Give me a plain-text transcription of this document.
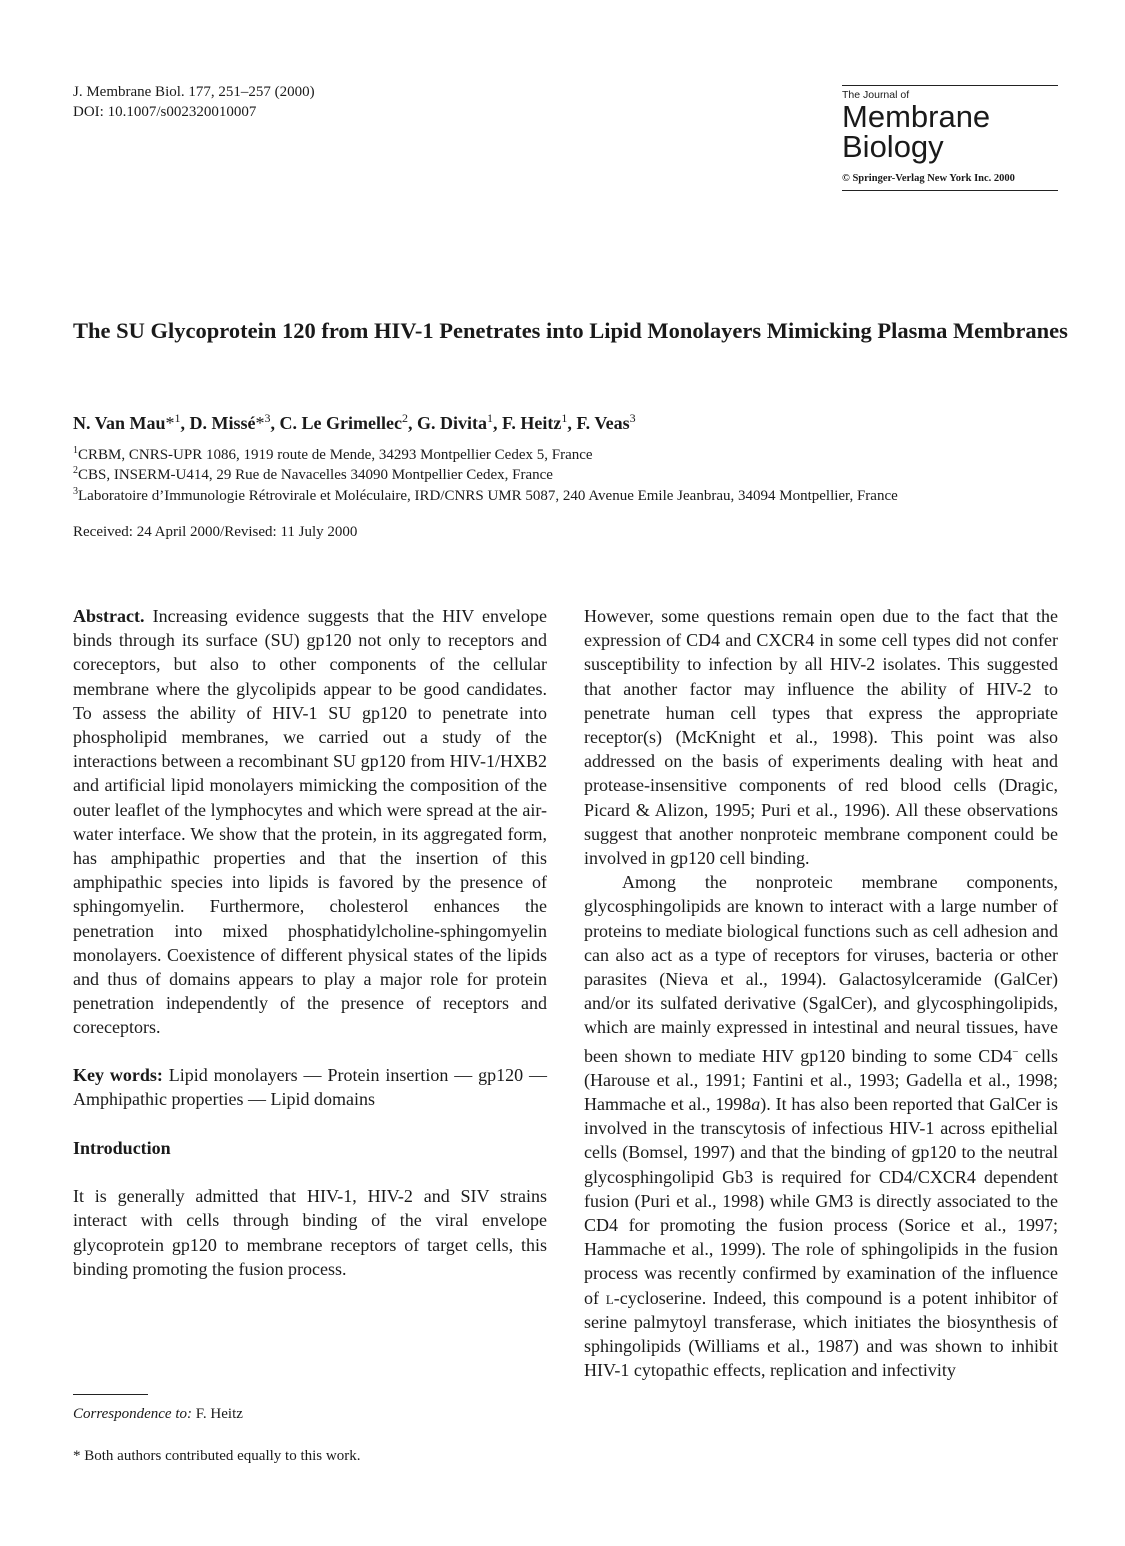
J. Membrane Biol. 177, 251–257 (2000)
DOI: 10.1007/s002320010007
The Journal of
Membrane
Biology
© Springer-Verlag New York Inc. 2000
The SU Glycoprotein 120 from HIV-1 Penetrates into Lipid Monolayers Mimicking Plasma Membranes
N. Van Mau*$^1$, D. Missé*$^3$, C. Le Grimellec$^2$, G. Divita$^1$, F. Heitz$^1$, F. Veas$^3$
$^1$CRBM, CNRS-UPR 1086, 1919 route de Mende, 34293 Montpellier Cedex 5, France
$^2$CBS, INSERM-U414, 29 Rue de Navacelles 34090 Montpellier Cedex, France
$^3$Laboratoire d’Immunologie Rétrovirale et Moléculaire, IRD/CNRS UMR 5087, 240 Avenue Emile Jeanbrau, 34094 Montpellier, France
Received: 24 April 2000/Revised: 11 July 2000

Abstract. Increasing evidence suggests that the HIV envelope binds through its surface (SU) gp120 not only to receptors and coreceptors, but also to other components of the cellular membrane where the glycolipids appear to be good candidates. To assess the ability of HIV-1 SU gp120 to penetrate into phospholipid membranes, we carried out a study of the interactions between a recombinant SU gp120 from HIV-1/HXB2 and artificial lipid monolayers mimicking the composition of the outer leaflet of the lymphocytes and which were spread at the air-water interface. We show that the protein, in its aggregated form, has amphipathic properties and that the insertion of this amphipathic species into lipids is favored by the presence of sphingomyelin. Furthermore, cholesterol enhances the penetration into mixed phosphatidylcholine-sphingomyelin monolayers. Coexistence of different physical states of the lipids and thus of domains appears to play a major role for protein penetration independently of the presence of receptors and coreceptors.

Key words: Lipid monolayers — Protein insertion — gp120 — Amphipathic properties — Lipid domains

Introduction

It is generally admitted that HIV-1, HIV-2 and SIV strains interact with cells through binding of the viral envelope glycoprotein gp120 to membrane receptors of target cells, this binding promoting the fusion process.

However, some questions remain open due to the fact that the expression of CD4 and CXCR4 in some cell types did not confer susceptibility to infection by all HIV-2 isolates. This suggested that another factor may influence the ability of HIV-2 to penetrate human cell types that express the appropriate receptor(s) (McKnight et al., 1998). This point was also addressed on the basis of experiments dealing with heat and protease-insensitive components of red blood cells (Dragic, Picard & Alizon, 1995; Puri et al., 1996). All these observations suggest that another nonproteic membrane component could be involved in gp120 cell binding.

Among the nonproteic membrane components, glycosphingolipids are known to interact with a large number of proteins to mediate biological functions such as cell adhesion and can also act as a type of receptors for viruses, bacteria or other parasites (Nieva et al., 1994). Galactosylceramide (GalCer) and/or its sulfated derivative (SgalCer), and glycosphingolipids, which are mainly expressed in intestinal and neural tissues, have been shown to mediate HIV gp120 binding to some CD4− cells (Harouse et al., 1991; Fantini et al., 1993; Gadella et al., 1998; Hammache et al., 1998a). It has also been reported that GalCer is involved in the transcytosis of infectious HIV-1 across epithelial cells (Bomsel, 1997) and that the binding of gp120 to the neutral glycosphingolipid Gb3 is required for CD4/CXCR4 dependent fusion (Puri et al., 1998) while GM3 is directly associated to the CD4 for promoting the fusion process (Sorice et al., 1997; Hammache et al., 1999). The role of sphingolipids in the fusion process was recently confirmed by examination of the influence of l-cycloserine. Indeed, this compound is a potent inhibitor of serine palmytoyl transferase, which initiates the biosynthesis of sphingolipids (Williams et al., 1987) and was shown to inhibit HIV-1 cytopathic effects, replication and infectivity

Correspondence to: F. Heitz
* Both authors contributed equally to this work.
